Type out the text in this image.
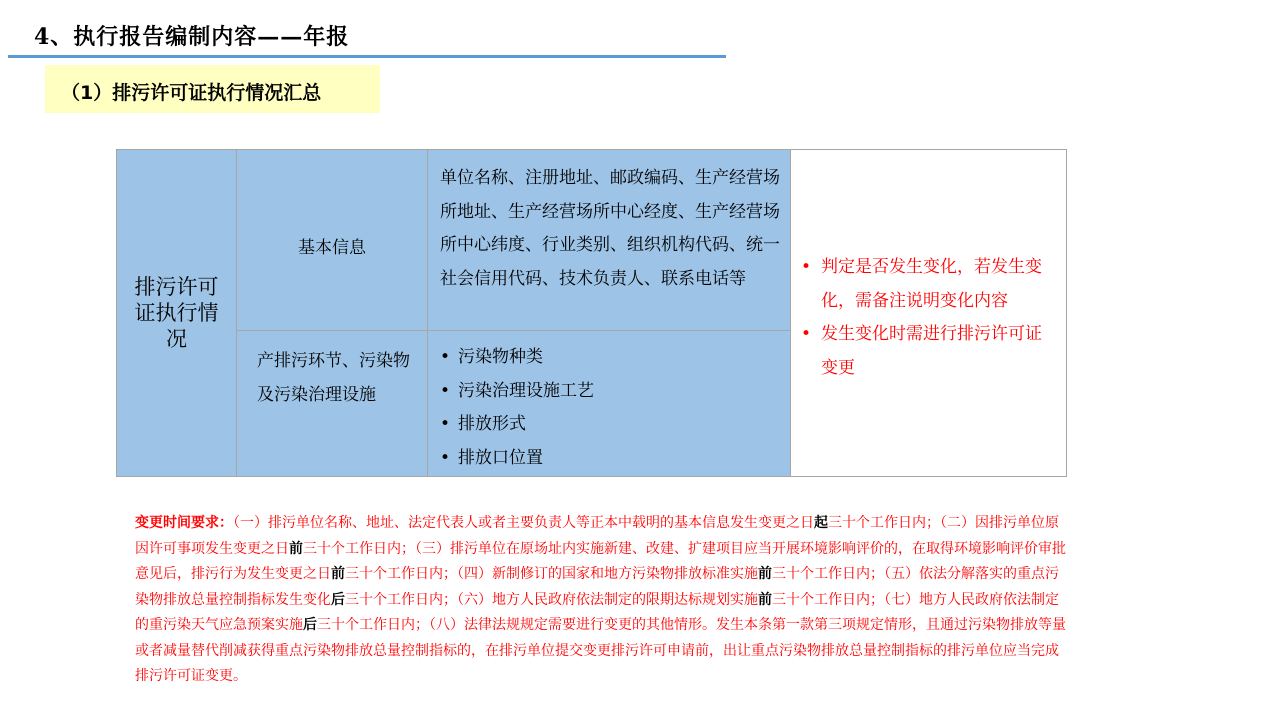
4、执行报告编制内容——年报
（1）排污许可证执行情况汇总
排污许可证执行情况
基本信息
单位名称、注册地址、邮政编码、生产经营场所地址、生产经营场所中心经度、生产经营场所中心纬度、行业类别、组织机构代码、统一社会信用代码、技术负责人、联系电话等
产排污环节、污染物及污染治理设施
• 污染物种类
• 污染治理设施工艺
• 排放形式
• 排放口位置
• 判定是否发生变化，若发生变化，需备注说明变化内容
• 发生变化时需进行排污许可证变更
变更时间要求：（一）排污单位名称、地址、法定代表人或者主要负责人等正本中载明的基本信息发生变更之日起三十个工作日内；（二）因排污单位原因许可事项发生变更之日前三十个工作日内；（三）排污单位在原场址内实施新建、改建、扩建项目应当开展环境影响评价的，在取得环境影响评价审批意见后，排污行为发生变更之日前三十个工作日内；（四）新制修订的国家和地方污染物排放标准实施前三十个工作日内；（五）依法分解落实的重点污染物排放总量控制指标发生变化后三十个工作日内；（六）地方人民政府依法制定的限期达标规划实施前三十个工作日内；（七）地方人民政府依法制定的重污染天气应急预案实施后三十个工作日内；（八）法律法规规定需要进行变更的其他情形。发生本条第一款第三项规定情形，且通过污染物排放等量或者减量替代削减获得重点污染物排放总量控制指标的，在排污单位提交变更排污许可申请前，出让重点污染物排放总量控制指标的排污单位应当完成排污许可证变更。
